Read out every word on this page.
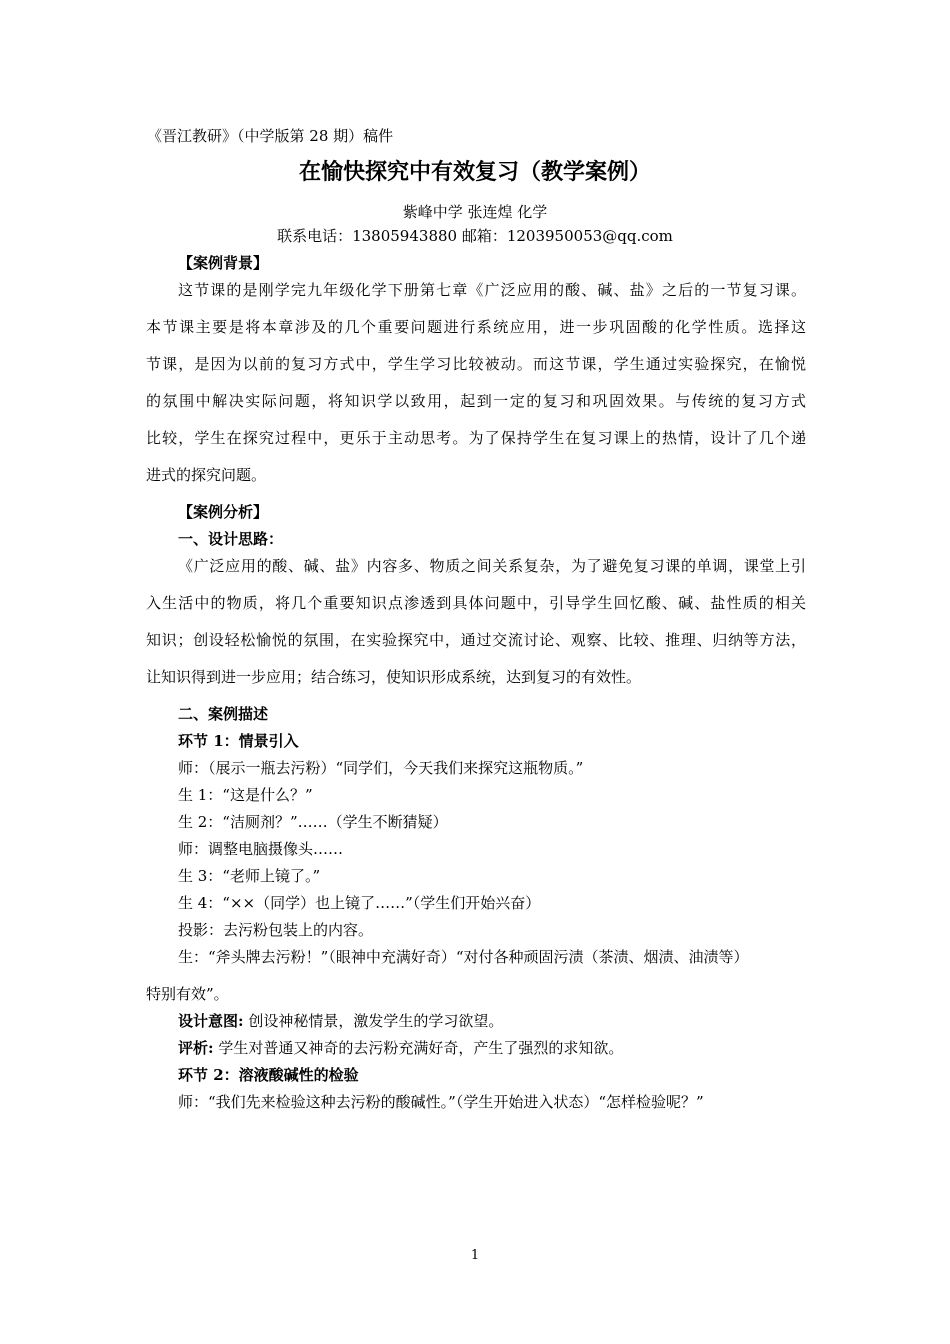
《晋江教研》（中学版第 28 期）稿件
在愉快探究中有效复习（教学案例）
紫峰中学 张连煌 化学
联系电话：13805943880 邮箱：1203950053@qq.com
【案例背景】
这节课的是刚学完九年级化学下册第七章《广泛应用的酸、碱、盐》之后的一节复习课。
本节课主要是将本章涉及的几个重要问题进行系统应用，进一步巩固酸的化学性质。选择这
节课，是因为以前的复习方式中，学生学习比较被动。而这节课，学生通过实验探究，在愉悦
的氛围中解决实际问题，将知识学以致用，起到一定的复习和巩固效果。与传统的复习方式
比较，学生在探究过程中，更乐于主动思考。为了保持学生在复习课上的热情，设计了几个递
进式的探究问题。
【案例分析】
一、设计思路：
《广泛应用的酸、碱、盐》内容多、物质之间关系复杂，为了避免复习课的单调，课堂上引
入生活中的物质，将几个重要知识点渗透到具体问题中，引导学生回忆酸、碱、盐性质的相关
知识；创设轻松愉悦的氛围，在实验探究中，通过交流讨论、观察、比较、推理、归纳等方法，
让知识得到进一步应用；结合练习，使知识形成系统，达到复习的有效性。
二、案例描述
环节 1：情景引入
师：（展示一瓶去污粉）“同学们，今天我们来探究这瓶物质。”
生 1：“这是什么？”
生 2：“洁厕剂？”……（学生不断猜疑）
师：调整电脑摄像头……
生 3：“老师上镜了。”
生 4：“××（同学）也上镜了……”（学生们开始兴奋）
投影：去污粉包装上的内容。
生：“斧头牌去污粉！”（眼神中充满好奇）“对付各种顽固污渍（茶渍、烟渍、油渍等）
特别有效”。
设计意图: 创设神秘情景，激发学生的学习欲望。
评析: 学生对普通又神奇的去污粉充满好奇，产生了强烈的求知欲。
环节 2：溶液酸碱性的检验
师：“我们先来检验这种去污粉的酸碱性。”（学生开始进入状态）“怎样检验呢？”
1
